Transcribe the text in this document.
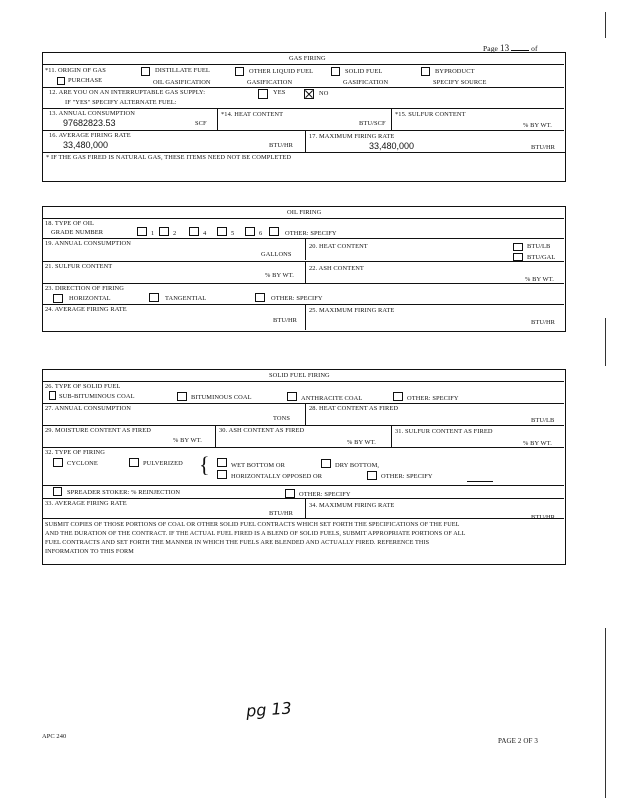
Page 13	of
GAS FIRING
*11. ORIGIN OF GAS	DISTILLATE FUEL	OTHER LIQUID FUEL	SOLID FUEL	BYPRODUCT
PURCHASE	OIL GASIFICATION	GASIFICATION	GASIFICATION	SPECIFY SOURCE
12. ARE YOU ON AN INTERRUPTABLE GAS SUPPLY:	YES	NO
IF "YES" SPECIFY ALTERNATE FUEL:
13. ANNUAL CONSUMPTION
97682823.53	SCF
*14. HEAT CONTENT
BTU/SCF
*15. SULFUR CONTENT
% BY WT.
16. AVERAGE FIRING RATE
33,480,000	BTU/HR
17. MAXIMUM FIRING RATE
33,480,000	BTU/HR
* IF THE GAS FIRED IS NATURAL GAS, THESE ITEMS NEED NOT BE COMPLETED
OIL FIRING
18. TYPE OF OIL
GRADE NUMBER	1	2	4	5	6	OTHER: SPECIFY
19. ANNUAL CONSUMPTION
GALLONS
20. HEAT CONTENT	BTU/LB
BTU/GAL
21. SULFUR CONTENT
% BY WT.
22. ASH CONTENT
% BY WT.
23. DIRECTION OF FIRING
HORIZONTAL	TANGENTIAL	OTHER: SPECIFY
24. AVERAGE FIRING RATE
BTU/HR
25. MAXIMUM FIRING RATE
BTU/HR
SOLID FUEL FIRING
26. TYPE OF SOLID FUEL
SUB-BITUMINOUS COAL	BITUMINOUS COAL	ANTHRACITE COAL	OTHER: SPECIFY
27. ANNUAL CONSUMPTION
TONS
28. HEAT CONTENT AS FIRED
BTU/LB
29. MOISTURE CONTENT AS FIRED
% BY WT.
30. ASH CONTENT AS FIRED
% BY WT.
31. SULFUR CONTENT AS FIRED
% BY WT.
32. TYPE OF FIRING
CYCLONE	PULVERIZED {	WET BOTTOM OR	DRY BOTTOM,
HORIZONTALLY OPPOSED OR	OTHER: SPECIFY
SPREADER STOKER: % REINJECTION	OTHER: SPECIFY
33. AVERAGE FIRING RATE
BTU/HR
34. MAXIMUM FIRING RATE
BTU/HR
SUBMIT COPIES OF THOSE PORTIONS OF COAL OR OTHER SOLID FUEL CONTRACTS WHICH SET FORTH THE SPECIFICATIONS OF THE FUEL
AND THE DURATION OF THE CONTRACT. IF THE ACTUAL FUEL FIRED IS A BLEND OF SOLID FUELS, SUBMIT APPROPRIATE PORTIONS OF ALL
FUEL CONTRACTS AND SET FORTH THE MANNER IN WHICH THE FUELS ARE BLENDED AND ACTUALLY FIRED. REFERENCE THIS
INFORMATION TO THIS FORM
pg 13
APC 240
PAGE 2 OF 3
